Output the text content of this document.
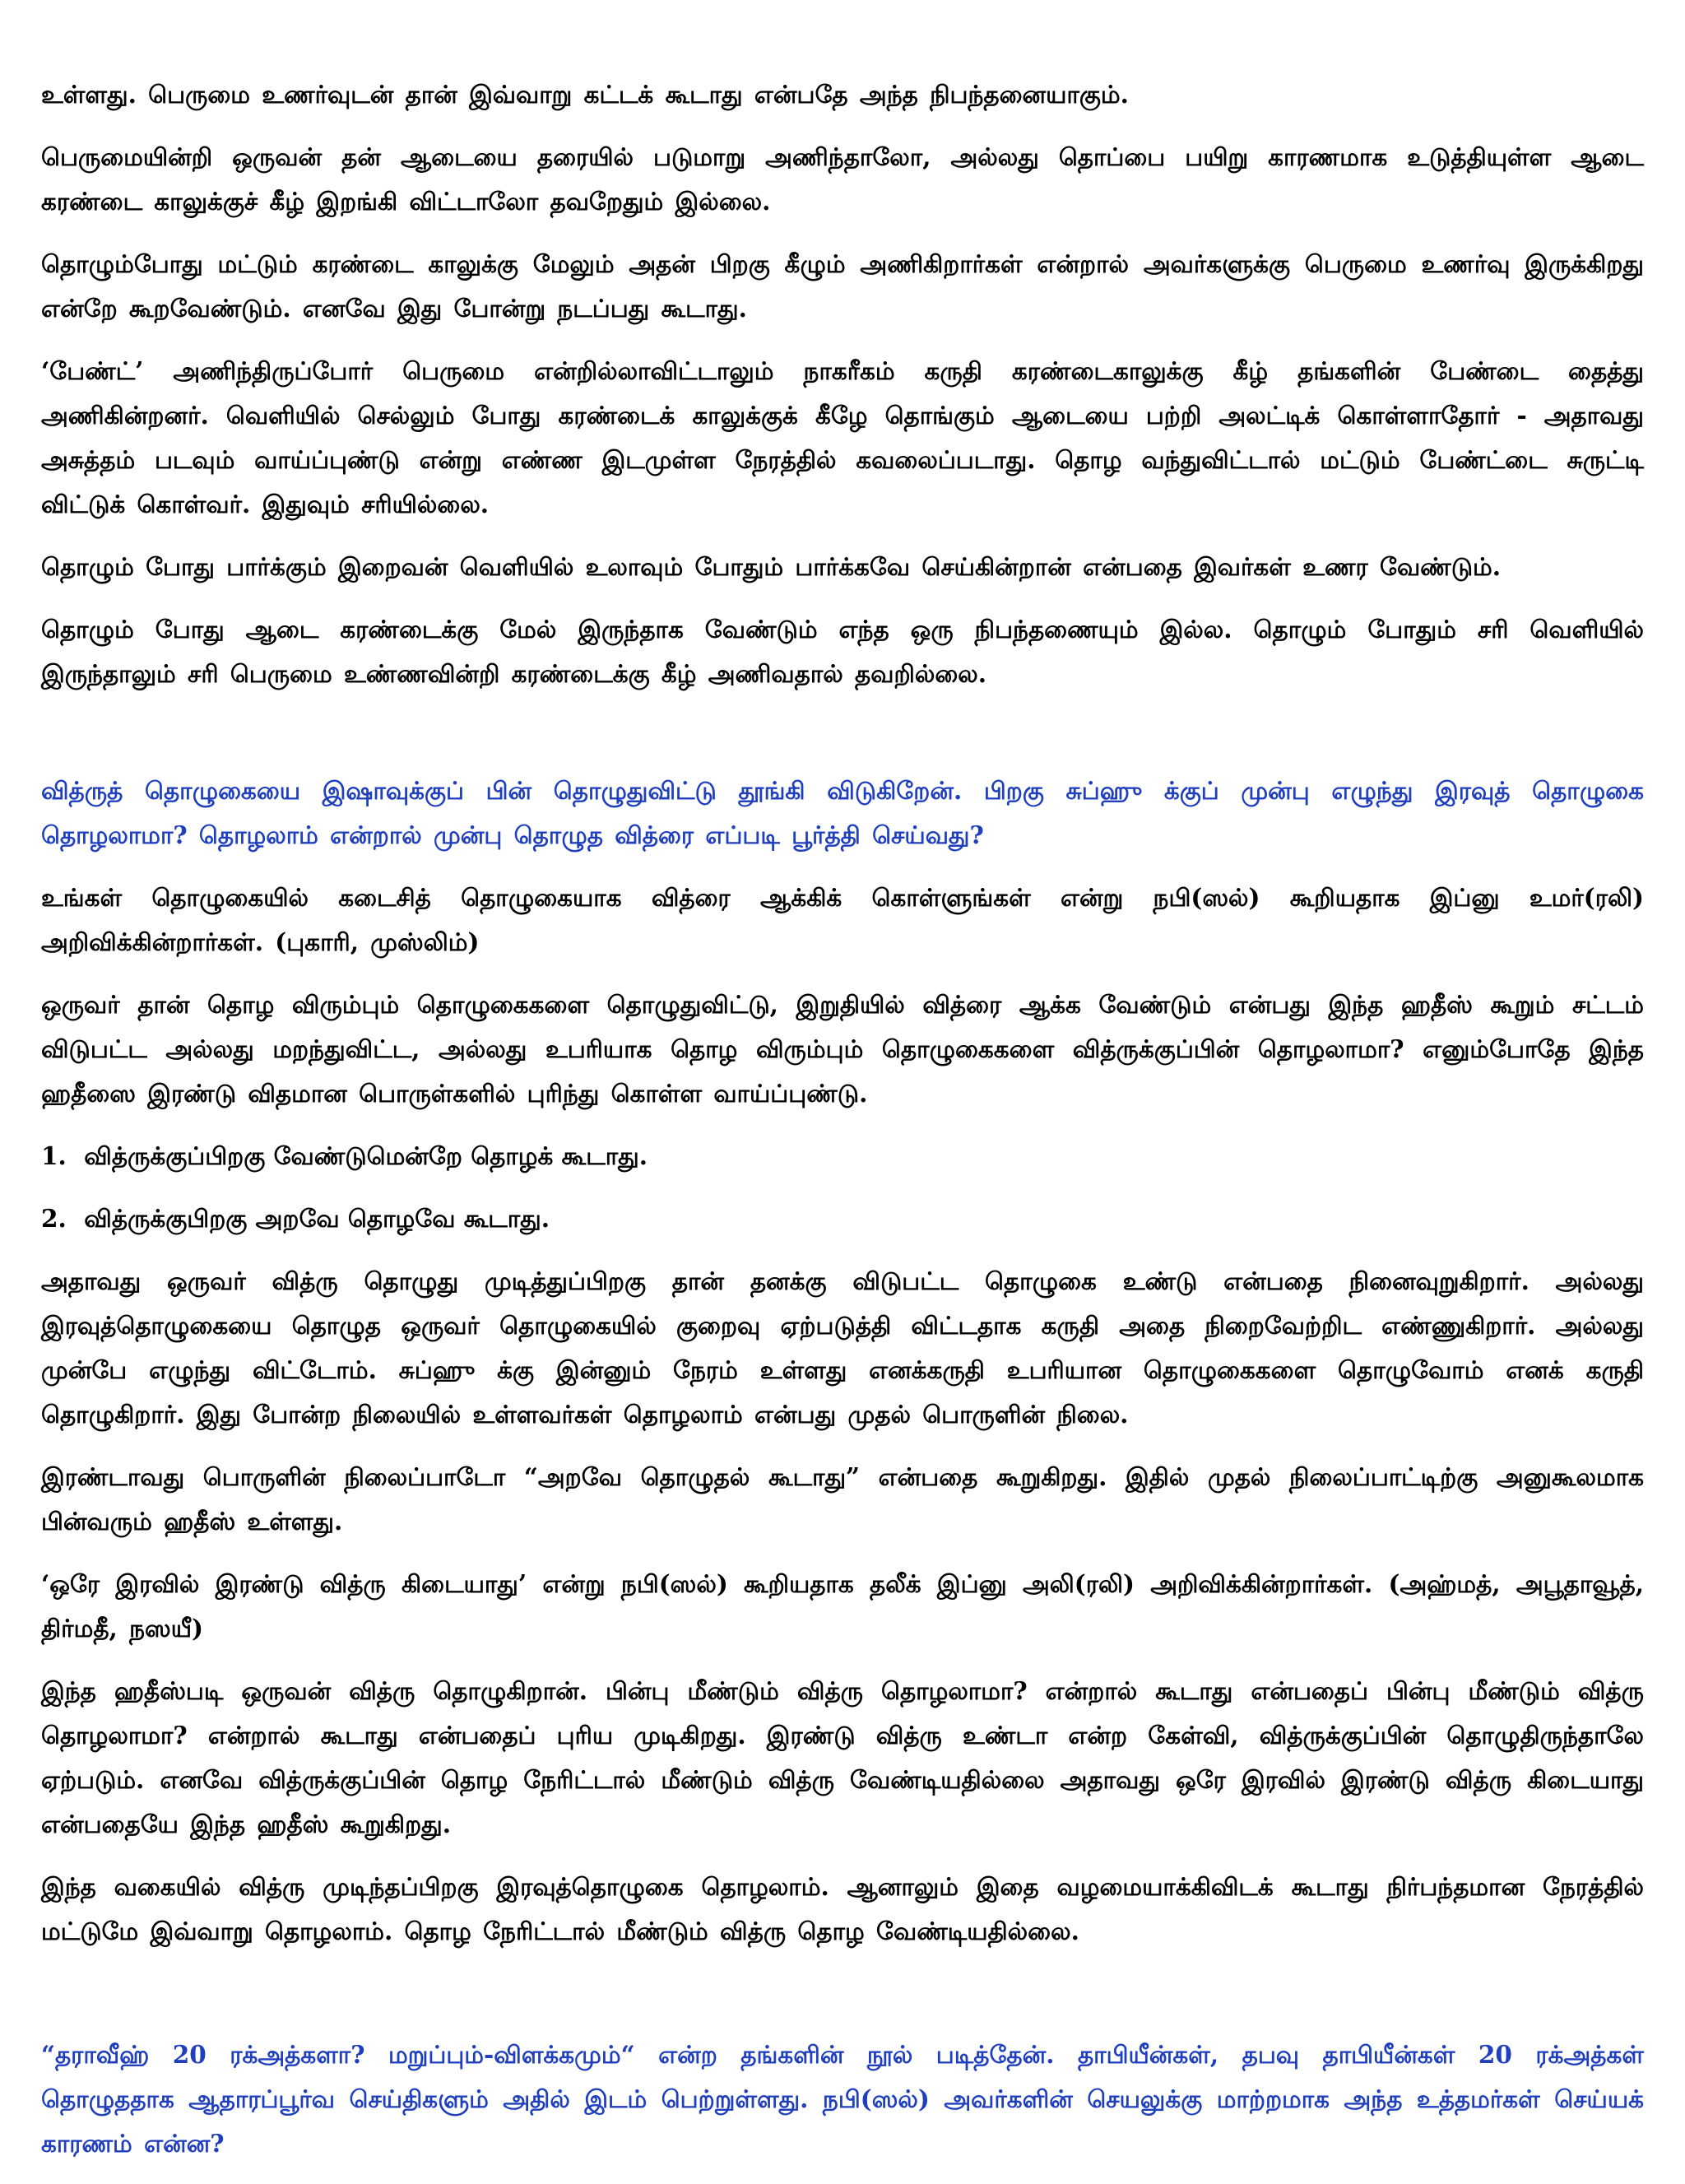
உள்ளது. பெருமை உணர்வுடன் தான் இவ்வாறு கட்டக் கூடாது என்பதே அந்த நிபந்தனையாகும்.

பெருமையின்றி ஒருவன் தன் ஆடையை தரையில் படுமாறு அணிந்தாலோ, அல்லது தொப்பை பயிறு காரணமாக உடுத்தியுள்ள ஆடை கரண்டை காலுக்குச் கீழ் இறங்கி விட்டாலோ தவறேதும் இல்லை.

தொழும்போது மட்டும் கரண்டை காலுக்கு மேலும் அதன் பிறகு கீழும் அணிகிறார்கள் என்றால் அவர்களுக்கு பெருமை உணர்வு இருக்கிறது என்றே கூறவேண்டும். எனவே இது போன்று நடப்பது கூடாது.

‘பேண்ட்’ அணிந்திருப்போர் பெருமை என்றில்லாவிட்டாலும் நாகரீகம் கருதி கரண்டைகாலுக்கு கீழ் தங்களின் பேண்டை தைத்து அணிகின்றனர். வெளியில் செல்லும் போது கரண்டைக் காலுக்குக் கீழே தொங்கும் ஆடையை பற்றி அலட்டிக் கொள்ளாதோர் - அதாவது அசுத்தம் படவும் வாய்ப்புண்டு என்று எண்ண இடமுள்ள நேரத்தில் கவலைப்படாது. தொழ வந்துவிட்டால் மட்டும் பேண்ட்டை சுருட்டி விட்டுக் கொள்வர். இதுவும் சரியில்லை.

தொழும் போது பார்க்கும் இறைவன் வெளியில் உலாவும் போதும் பார்க்கவே செய்கின்றான் என்பதை இவர்கள் உணர வேண்டும்.

தொழும் போது ஆடை கரண்டைக்கு மேல் இருந்தாக வேண்டும் எந்த ஒரு நிபந்தணையும் இல்ல. தொழும் போதும் சரி வெளியில் இருந்தாலும் சரி பெருமை உண்ணவின்றி கரண்டைக்கு கீழ் அணிவதால் தவறில்லை.

வித்ருத் தொழுகையை இஷாவுக்குப் பின் தொழுதுவிட்டு தூங்கி விடுகிறேன். பிறகு சுப்ஹு க்குப் முன்பு எழுந்து இரவுத் தொழுகை தொழலாமா? தொழலாம் என்றால் முன்பு தொழுத வித்ரை எப்படி பூர்த்தி செய்வது?

உங்கள் தொழுகையில் கடைசித் தொழுகையாக வித்ரை ஆக்கிக் கொள்ளுங்கள் என்று நபி(ஸல்) கூறியதாக இப்னு உமர்(ரலி) அறிவிக்கின்றார்கள். (புகாரி, முஸ்லிம்)

ஒருவர் தான் தொழ விரும்பும் தொழுகைகளை தொழுதுவிட்டு, இறுதியில் வித்ரை ஆக்க வேண்டும் என்பது இந்த ஹதீஸ் கூறும் சட்டம் விடுபட்ட அல்லது மறந்துவிட்ட, அல்லது உபரியாக தொழ விரும்பும் தொழுகைகளை வித்ருக்குப்பின் தொழலாமா? எனும்போதே இந்த ஹதீஸை இரண்டு விதமான பொருள்களில் புரிந்து கொள்ள வாய்ப்புண்டு.

1. வித்ருக்குப்பிறகு வேண்டுமென்றே தொழக் கூடாது.
2. வித்ருக்குபிறகு அறவே தொழவே கூடாது.

அதாவது ஒருவர் வித்ரு தொழுது முடித்துப்பிறகு தான் தனக்கு விடுபட்ட தொழுகை உண்டு என்பதை நினைவுறுகிறார். அல்லது இரவுத்தொழுகையை தொழுத ஒருவர் தொழுகையில் குறைவு ஏற்படுத்தி விட்டதாக கருதி அதை நிறைவேற்றிட எண்ணுகிறார். அல்லது முன்பே எழுந்து விட்டோம். சுப்ஹு க்கு இன்னும் நேரம் உள்ளது எனக்கருதி உபரியான தொழுகைகளை தொழுவோம் எனக் கருதி தொழுகிறார். இது போன்ற நிலையில் உள்ளவர்கள் தொழலாம் என்பது முதல் பொருளின் நிலை.

இரண்டாவது பொருளின் நிலைப்பாடோ “அறவே தொழுதல் கூடாது” என்பதை கூறுகிறது. இதில் முதல் நிலைப்பாட்டிற்கு அனுகூலமாக பின்வரும் ஹதீஸ் உள்ளது.

‘ஒரே இரவில் இரண்டு வித்ரு கிடையாது’ என்று நபி(ஸல்) கூறியதாக தலீக் இப்னு அலி(ரலி) அறிவிக்கின்றார்கள். (அஹ்மத், அபூதாவூத், திர்மதீ, நஸயீ)

இந்த ஹதீஸ்படி ஒருவன் வித்ரு தொழுகிறான். பின்பு மீண்டும் வித்ரு தொழலாமா? என்றால் கூடாது என்பதைப் பின்பு மீண்டும் வித்ரு தொழலாமா? என்றால் கூடாது என்பதைப் புரிய முடிகிறது. இரண்டு வித்ரு உண்டா என்ற கேள்வி, வித்ருக்குப்பின் தொழுதிருந்தாலே ஏற்படும். எனவே வித்ருக்குப்பின் தொழ நேரிட்டால் மீண்டும் வித்ரு வேண்டியதில்லை அதாவது ஒரே இரவில் இரண்டு வித்ரு கிடையாது என்பதையே இந்த ஹதீஸ் கூறுகிறது.

இந்த வகையில் வித்ரு முடிந்தப்பிறகு இரவுத்தொழுகை தொழலாம். ஆனாலும் இதை வழமையாக்கிவிடக் கூடாது நிர்பந்தமான நேரத்தில் மட்டுமே இவ்வாறு தொழலாம். தொழ நேரிட்டால் மீண்டும் வித்ரு தொழ வேண்டியதில்லை.

“தராவீஹ் 20 ரக்அத்களா? மறுப்பும்-விளக்கமும்“ என்ற தங்களின் நூல் படித்தேன். தாபியீன்கள், தபவு தாபியீன்கள் 20 ரக்அத்கள் தொழுததாக ஆதாரப்பூர்வ செய்திகளும் அதில் இடம் பெற்றுள்ளது. நபி(ஸல்) அவர்களின் செயலுக்கு மாற்றமாக அந்த உத்தமர்கள் செய்யக் காரணம் என்ன?
